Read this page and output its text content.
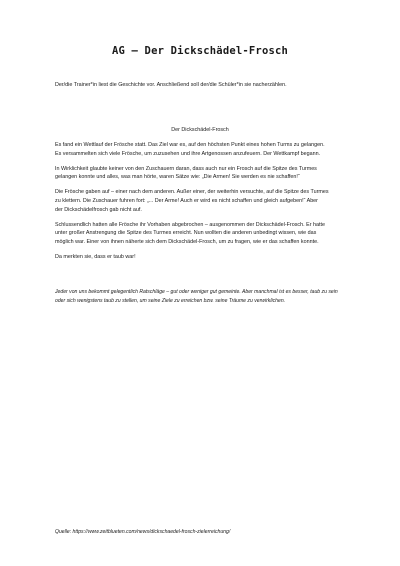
AG – Der Dickschädel-Frosch
Der/die Trainer*in liest die Geschichte vor. Anschließend soll der/die Schüler*in sie nacherzählen.
Der Dickschädel-Frosch

Es fand ein Wettlauf der Frösche statt. Das Ziel war es, auf den höchsten Punkt eines hohen Turms zu gelangen.
Es versammelten sich viele Frösche, um zuzusehen und ihre Artgenossen anzufeuern. Der Wettkampf begann.

In Wirklichkeit glaubte keiner von den Zuschauern daran, dass auch nur ein Frosch auf die Spitze des Turmes
gelangen konnte und alles, was man hörte, waren Sätze wie: „Die Armen! Sie werden es nie schaffen!“

Die Frösche gaben auf – einer nach dem anderen. Außer einer, der weiterhin versuchte, auf die Spitze des Turmes
zu klettern. Die Zuschauer fuhren fort: „... Der Arme! Auch er wird es nicht schaffen und gleich aufgeben!“ Aber
der Dickschädelfrosch gab nicht auf.

Schlussendlich hatten alle Frösche ihr Vorhaben abgebrochen – ausgenommen der Dickschädel-Frosch. Er hatte
unter großer Anstrengung die Spitze des Turmes erreicht. Nun wollten die anderen unbedingt wissen, wie das
möglich war. Einer von ihnen näherte sich dem Dickschädel-Frosch, um zu fragen, wie er das schaffen konnte.

Da merkten sie, dass er taub war!

Jeder von uns bekommt gelegentlich Ratschläge – gut oder weniger gut gemeinte. Aber manchmal ist es besser, taub zu sein
oder sich wenigstens taub zu stellen, um seine Ziele zu erreichen bzw. seine Träume zu verwirklichen.
Quelle: https://www.zeitblueten.com/news/dickschaedel-frosch-zielerreichung/
